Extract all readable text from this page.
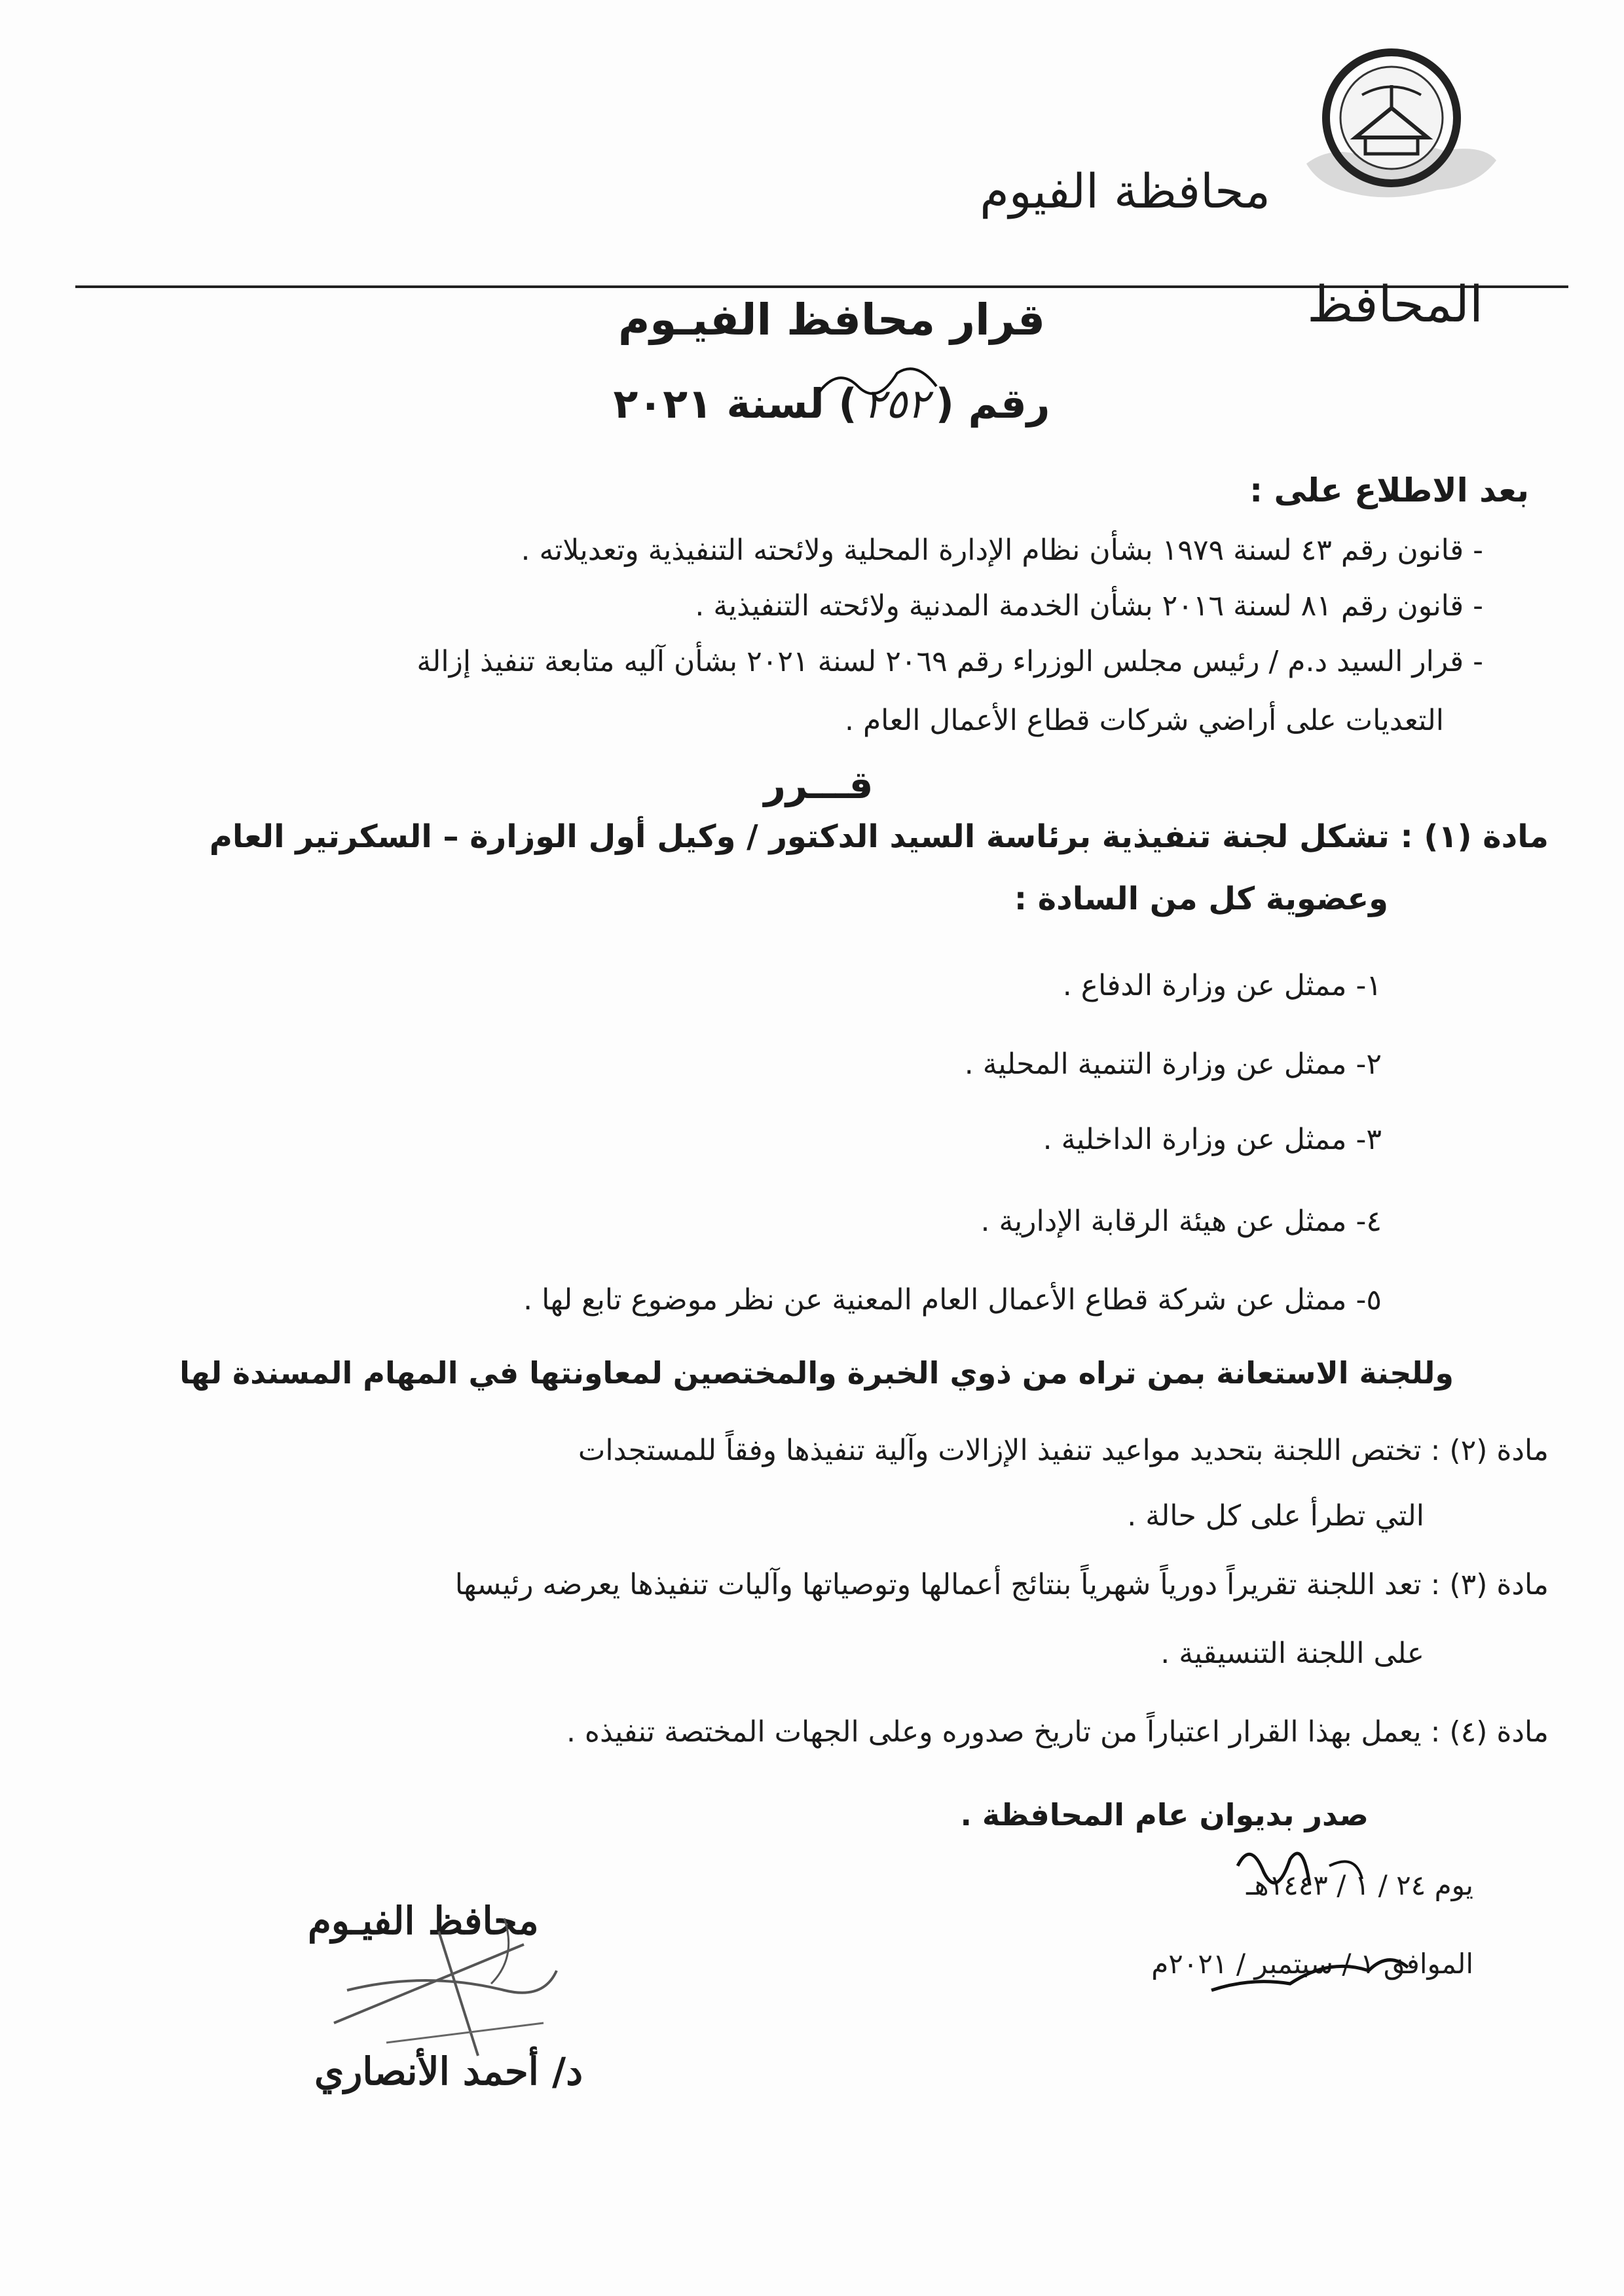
محافظة الفيوم
المحافظ
قرار محافظ الفيـوم
رقم (٢٥٢) لسنة ٢٠٢١
بعد الاطلاع على :
- قانون رقم ٤٣ لسنة ١٩٧٩ بشأن نظام الإدارة المحلية ولائحته التنفيذية وتعديلاته .
- قانون رقم ٨١ لسنة ٢٠١٦ بشأن الخدمة المدنية ولائحته التنفيذية .
- قرار السيد د.م / رئيس مجلس الوزراء رقم ٢٠٦٩ لسنة ٢٠٢١ بشأن آليه متابعة تنفيذ إزالة
التعديات على أراضي شركات قطاع الأعمال العام .
قـــرر
مادة (١) : تشكل لجنة تنفيذية برئاسة السيد الدكتور / وكيل أول الوزارة – السكرتير العام
وعضوية كل من السادة :
١- ممثل عن وزارة الدفاع .
٢- ممثل عن وزارة التنمية المحلية .
٣- ممثل عن وزارة الداخلية .
٤- ممثل عن هيئة الرقابة الإدارية .
٥- ممثل عن شركة قطاع الأعمال العام المعنية عن نظر موضوع تابع لها .
وللجنة الاستعانة بمن تراه من ذوي الخبرة والمختصين لمعاونتها في المهام المسندة لها
مادة (٢) : تختص اللجنة بتحديد مواعيد تنفيذ الإزالات وآلية تنفيذها وفقاً للمستجدات
التي تطرأ على كل حالة .
مادة (٣) : تعد اللجنة تقريراً دورياً شهرياً بنتائج أعمالها وتوصياتها وآليات تنفيذها يعرضه رئيسها
على اللجنة التنسيقية .
مادة (٤) : يعمل بهذا القرار اعتباراً من تاريخ صدوره وعلى الجهات المختصة تنفيذه .
صدر بديوان عام المحافظة .
يوم ٢٤ / ١ / ١٤٤٣هـ
الموافق ١ / سبتمبر / ٢٠٢١م
محافظ الفيـوم
د/ أحمد الأنصاري
